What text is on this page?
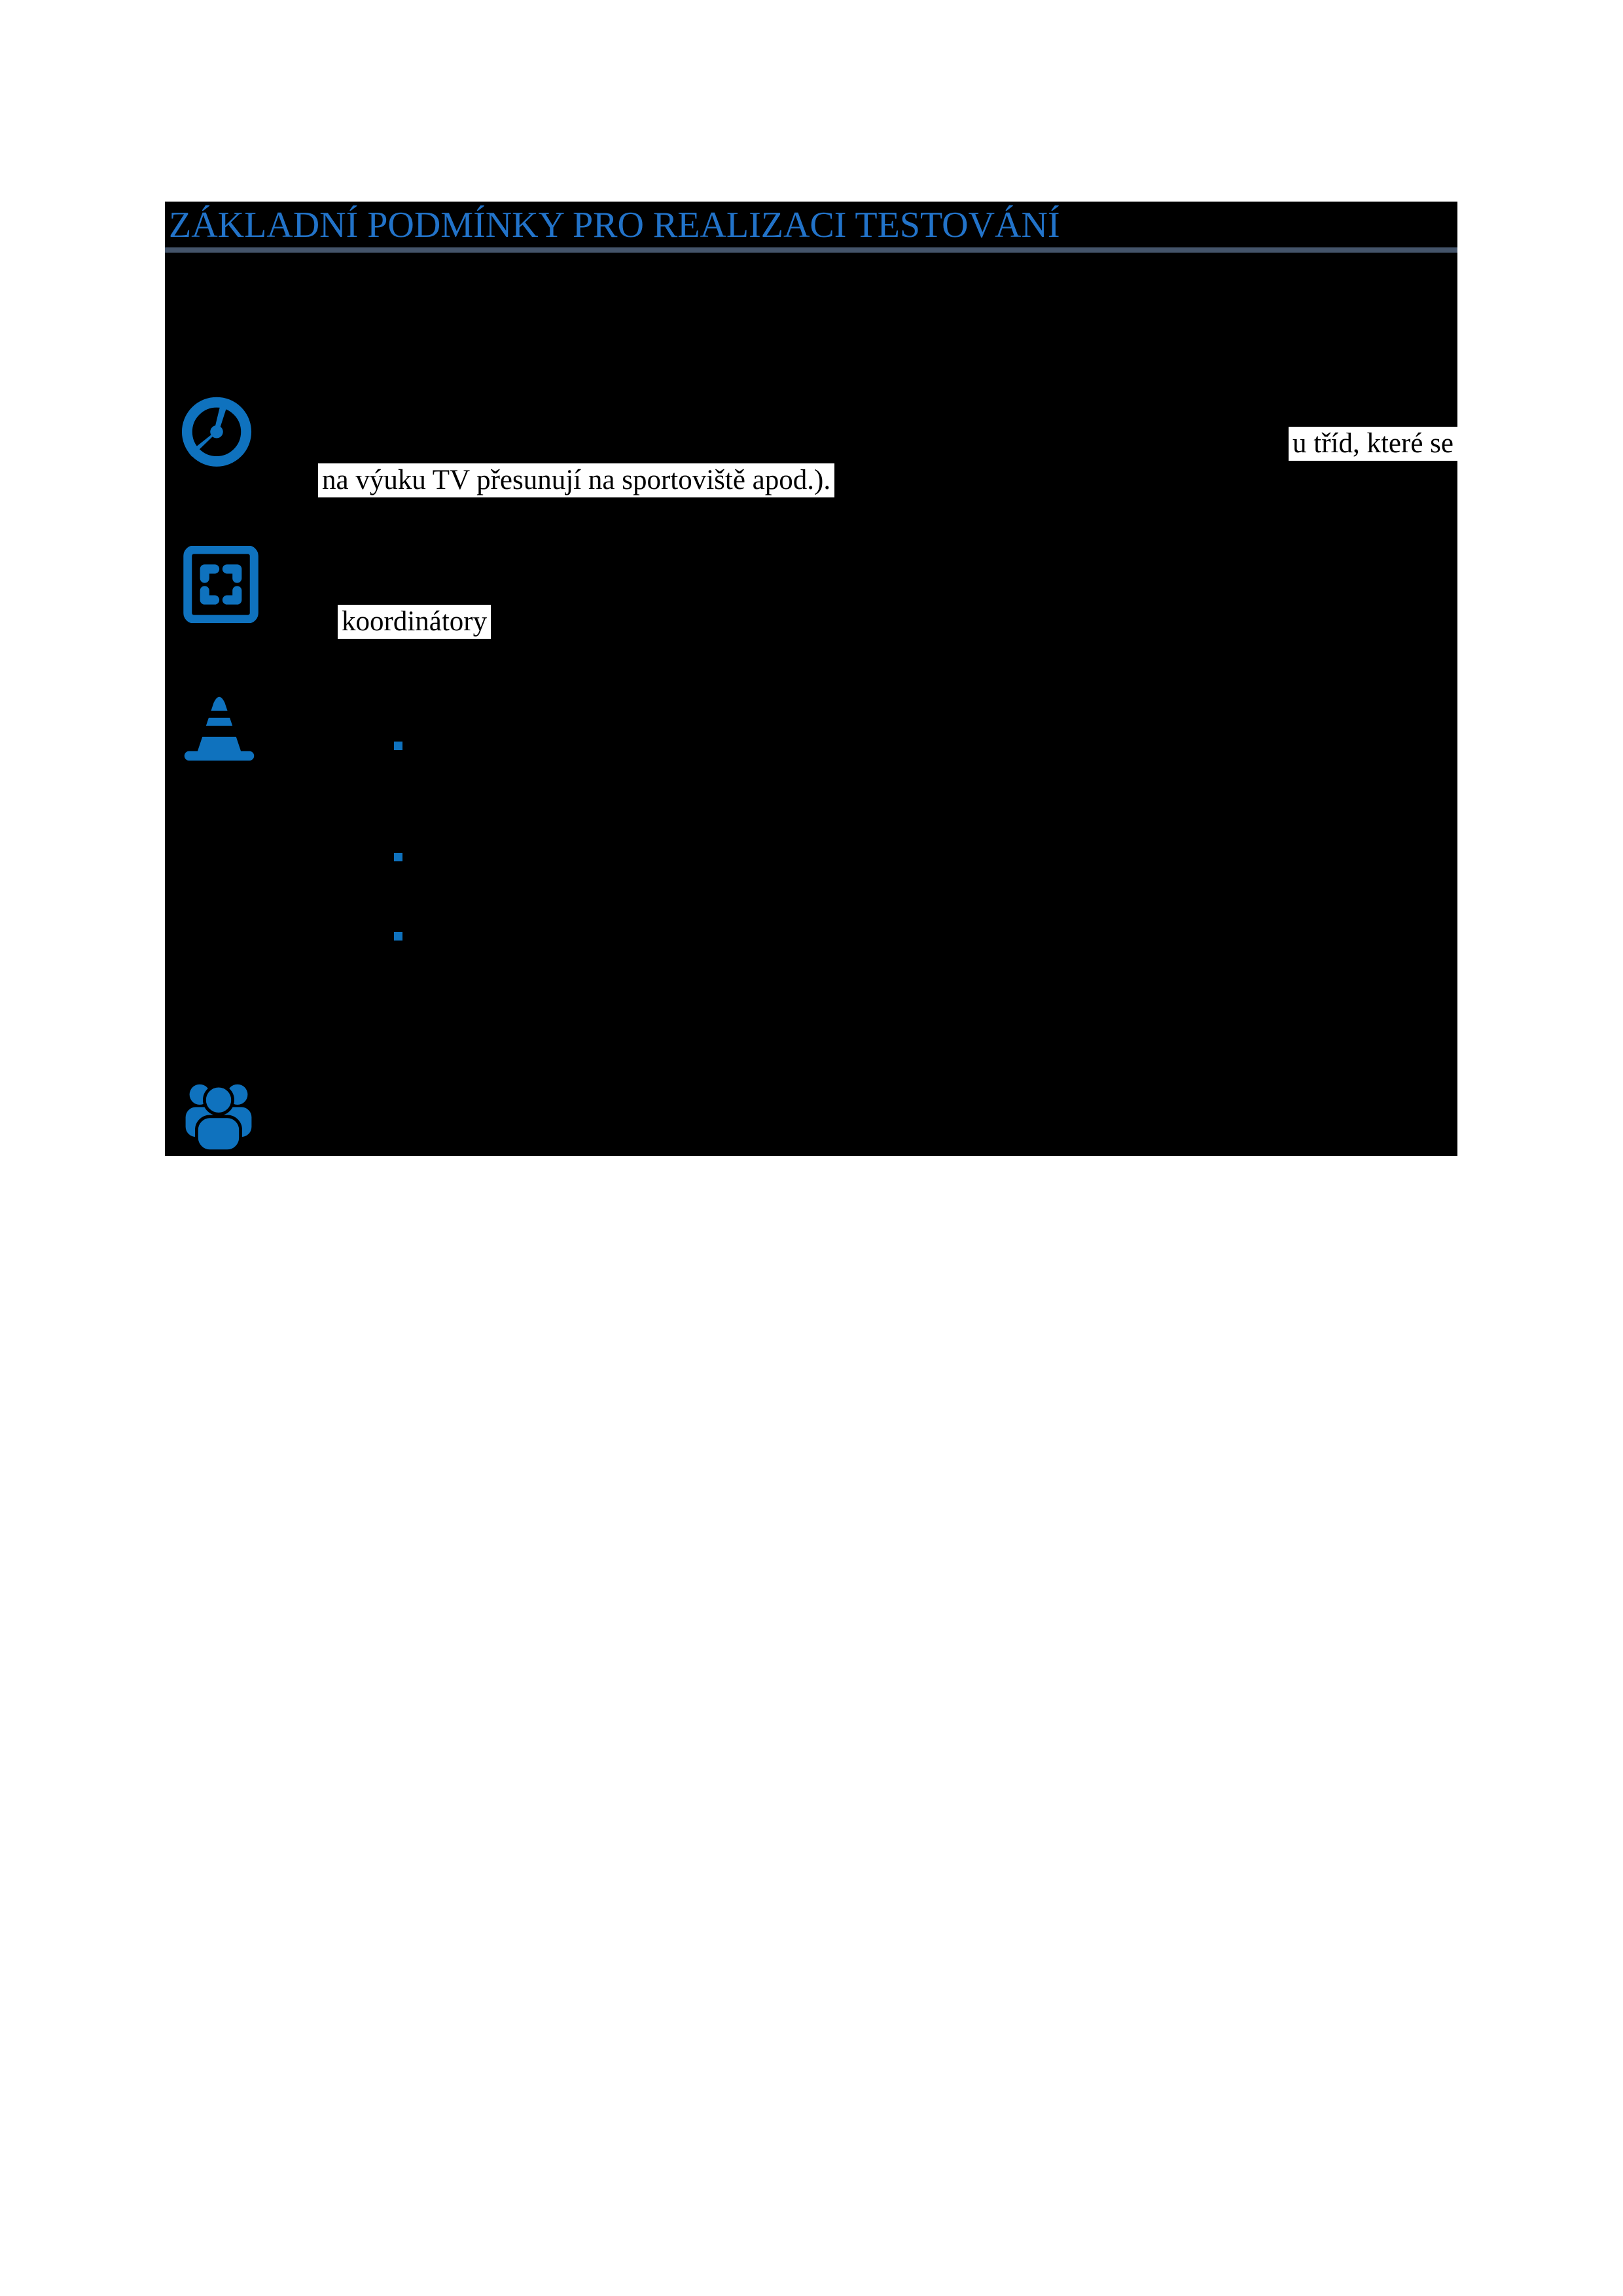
ZÁKLADNÍ PODMÍNKY PRO REALIZACI TESTOVÁNÍ
u tříd, které se
na výuku TV přesunují na sportoviště apod.).
koordinátory
